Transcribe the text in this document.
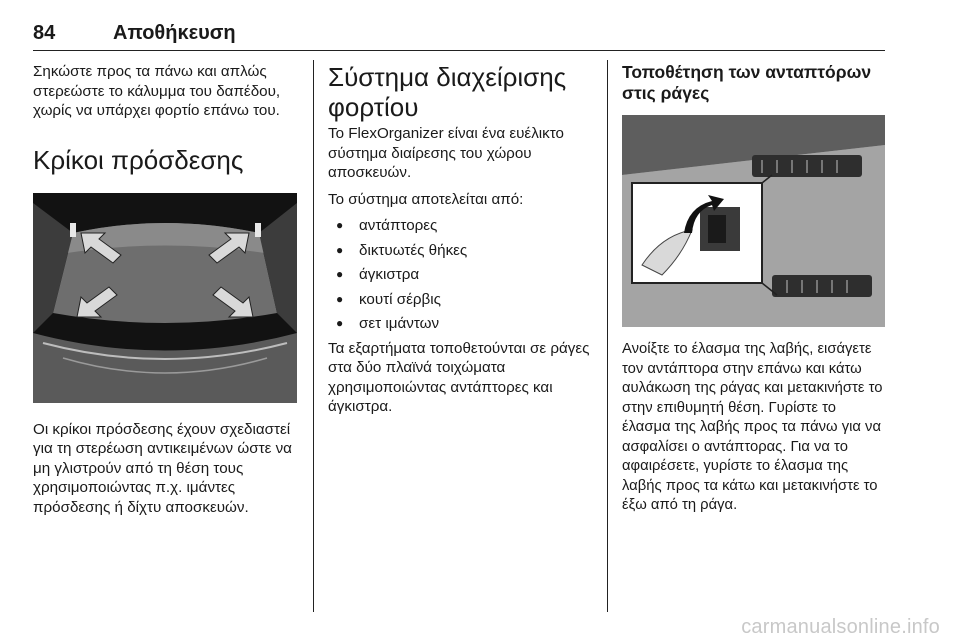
84	Αποθήκευση

Σηκώστε προς τα πάνω και απλώς στερεώστε το κάλυμμα του δαπέδου, χωρίς να υπάρχει φορτίο επάνω του.

Κρίκοι πρόσδεσης

Οι κρίκοι πρόσδεσης έχουν σχεδιαστεί για τη στερέωση αντικειμένων ώστε να μη γλιστρούν από τη θέση τους χρησιμοποιώντας π.χ. ιμάντες πρόσδεσης ή δίχτυ αποσκευών.

Σύστημα διαχείρισης φορτίου

Το FlexOrganizer είναι ένα ευέλικτο σύστημα διαίρεσης του χώρου αποσκευών.

Το σύστημα αποτελείται από:

● αντάπτορες
● δικτυωτές θήκες
● άγκιστρα
● κουτί σέρβις
● σετ ιμάντων

Τα εξαρτήματα τοποθετούνται σε ράγες στα δύο πλαϊνά τοιχώματα χρησιμοποιώντας αντάπτορες και άγκιστρα.

Τοποθέτηση των ανταπτόρων στις ράγες

Ανοίξτε το έλασμα της λαβής, εισάγετε τον αντάπτορα στην επάνω και κάτω αυλάκωση της ράγας και μετακινήστε το στην επιθυμητή θέση. Γυρίστε το έλασμα της λαβής προς τα πάνω για να ασφαλίσει ο αντάπτορας. Για να το αφαιρέσετε, γυρίστε το έλασμα της λαβής προς τα κάτω και μετακινήστε το έξω από τη ράγα.

carmanualsonline.info
